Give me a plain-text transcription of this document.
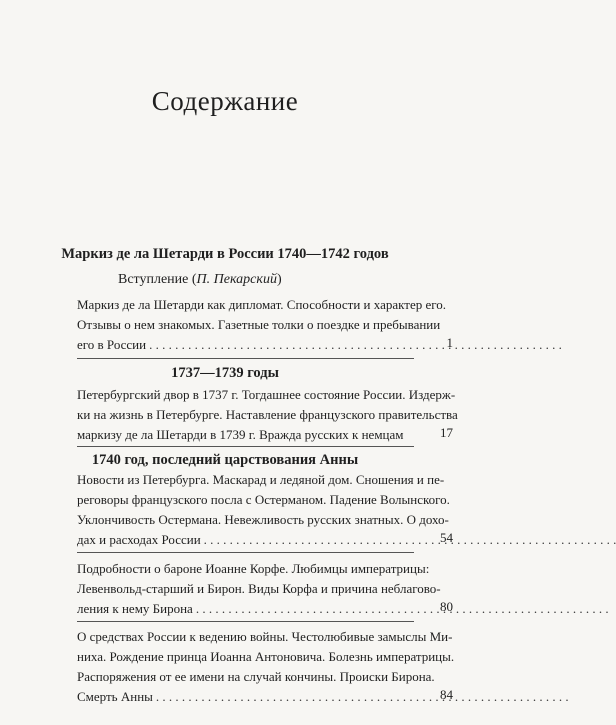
Содержание
Маркиз де ла Шетарди в России 1740—1742 годов
Вступление (П. Пекарский)
Маркиз де ла Шетарди как дипломат. Способности и характер его.
Отзывы о нем знакомых. Газетные толки о поездке и пребывании
его в России . . .	1
1737—1739 годы
Петербургский двор в 1737 г. Тогдашнее состояние России. Издерж-
ки на жизнь в Петербурге. Наставление французского правительства
маркизу де ла Шетарди в 1739 г. Вражда русских к немцам	17
1740 год, последний царствования Анны
Новости из Петербурга. Маскарад и ледяной дом. Сношения и пе-
реговоры французского посла с Остерманом. Падение Волынского.
Уклончивость Остермана. Невежливость русских знатных. О дохо-
дах и расходах России . . .	54
Подробности о бароне Иоанне Корфе. Любимцы императрицы:
Левенвольд-старший и Бирон. Виды Корфа и причина неблагово-
ления к нему Бирона . . .	80
О средствах России к ведению войны. Честолюбивые замыслы Ми-
ниха. Рождение принца Иоанна Антоновича. Болезнь императрицы.
Распоряжения от ее имени на случай кончины. Происки Бирона.
Смерть Анны . . .	84
